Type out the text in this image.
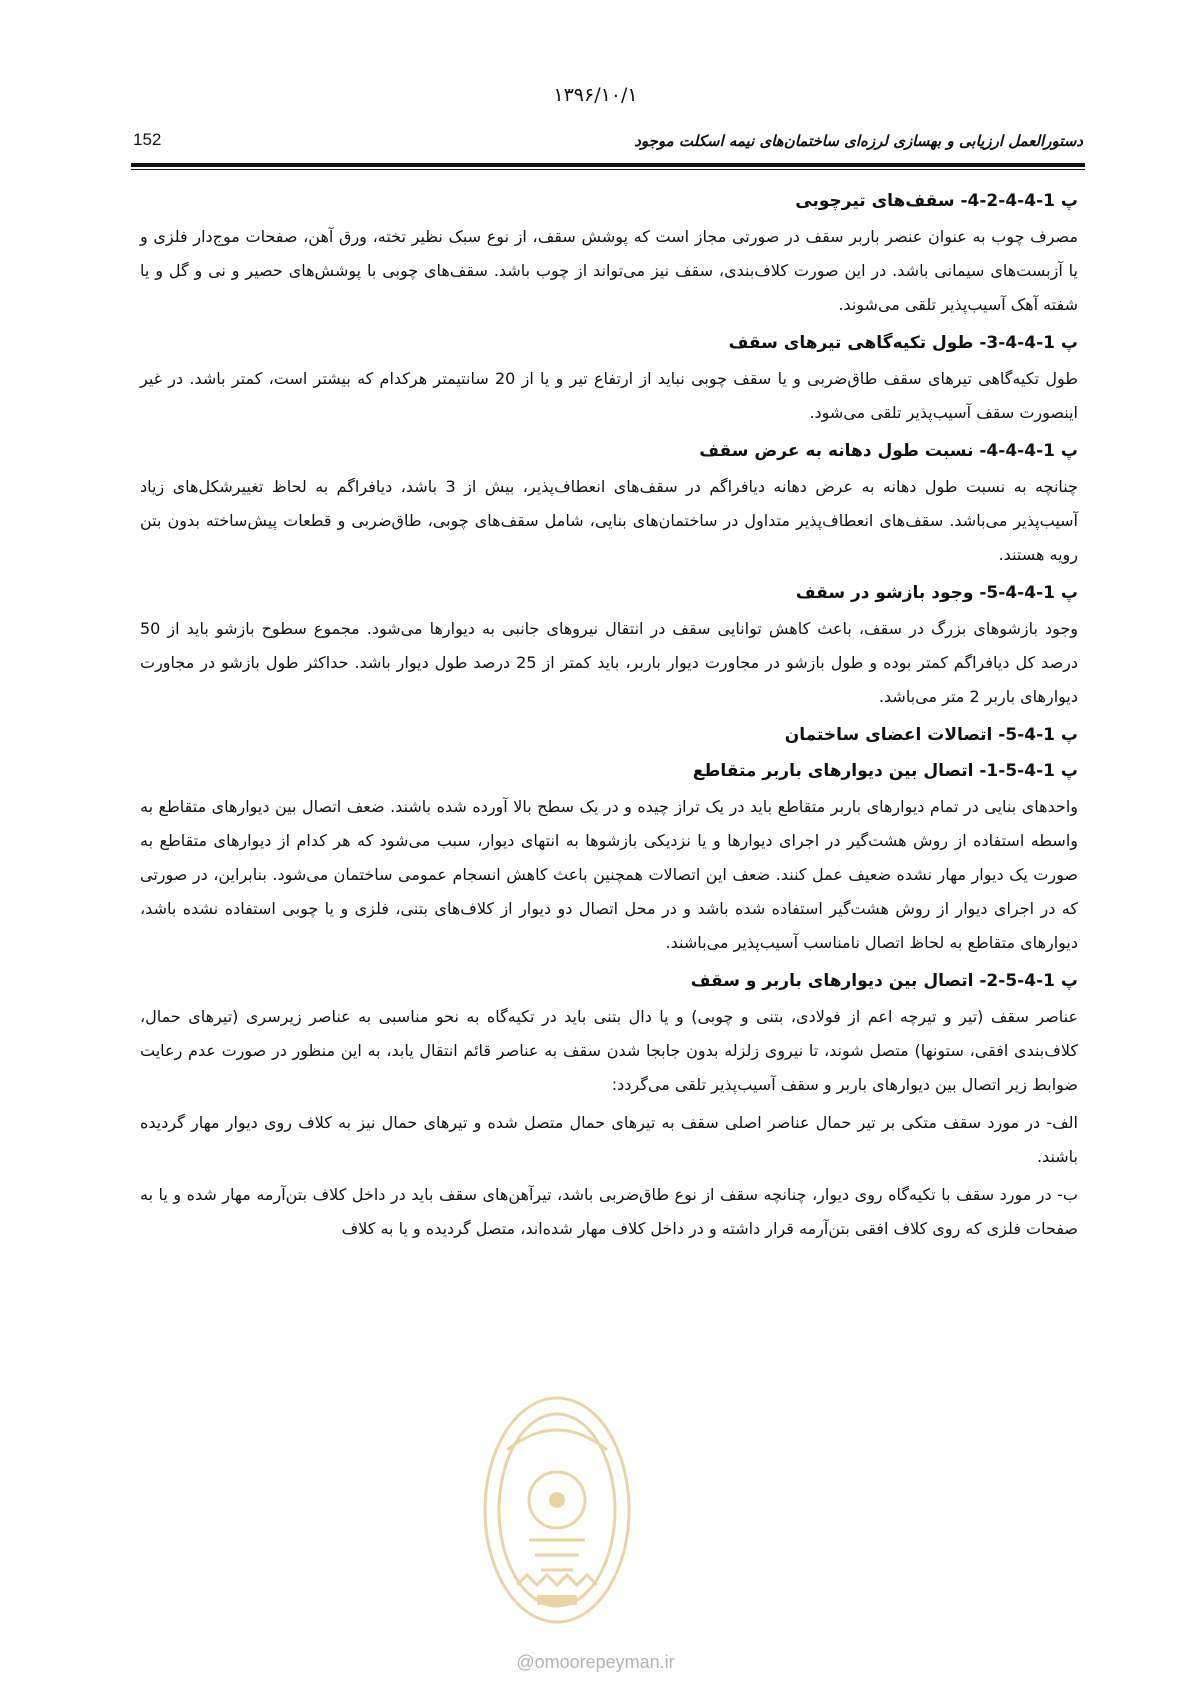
۱۳۹۶/۱۰/۱
152	دستورالعمل ارزیابی و بهسازی لرزه‌ای ساختمان‌های نیمه اسکلت موجود
پ 1-4-4-2-4- سقف‌های تیرچوبی

مصرف چوب به عنوان عنصر باربر سقف در صورتی مجاز است که پوشش سقف، از نوع سبک نظیر تخته، ورق آهن، صفحات موج‌دار فلزی و یا آزبست‌های سیمانی باشد. در این صورت کلاف‌بندی، سقف نیز می‌تواند از چوب باشد. سقف‌های چوبی با پوشش‌های حصیر و نی و گل و یا شفته آهک آسیب‌پذیر تلقی می‌شوند.

پ 1-4-4-3- طول تکیه‌گاهی تیرهای سقف

طول تکیه‌گاهی تیرهای سقف طاق‌ضربی و یا سقف چوبی نباید از ارتفاع تیر و یا از 20 سانتیمتر هرکدام که بیشتر است، کمتر باشد. در غیر اینصورت سقف آسیب‌پذیر تلقی می‌شود.

پ 1-4-4-4- نسبت طول دهانه به عرض سقف

چنانچه به نسبت طول دهانه به عرض دهانه دیافراگم در سقف‌های انعطاف‌پذیر، بیش از 3 باشد، دیافراگم به لحاظ تغییرشکل‌های زیاد آسیب‌پذیر می‌باشد. سقف‌های انعطاف‌پذیر متداول در ساختمان‌های بنایی، شامل سقف‌های چوبی، طاق‌ضربی و قطعات پیش‌ساخته بدون بتن رویه هستند.

پ 1-4-4-5- وجود بازشو در سقف

وجود بازشوهای بزرگ در سقف، باعث کاهش توانایی سقف در انتقال نیروهای جانبی به دیوارها می‌شود. مجموع سطوح بازشو باید از 50 درصد کل دیافراگم کمتر بوده و طول بازشو در مجاورت دیوار باربر، باید کمتر از 25 درصد طول دیوار باشد. حداکثر طول بازشو در مجاورت دیوارهای باربر 2 متر می‌باشد.

پ 1-4-5- اتصالات اعضای ساختمان
پ 1-4-5-1- اتصال بین دیوارهای باربر متقاطع

واحدهای بنایی در تمام دیوارهای باربر متقاطع باید در یک تراز چیده و در یک سطح بالا آورده شده باشند. ضعف اتصال بین دیوارهای متقاطع به واسطه استفاده از روش هشت‌گیر در اجرای دیوارها و یا نزدیکی بازشوها به انتهای دیوار، سبب می‌شود که هر کدام از دیوارهای متقاطع به صورت یک دیوار مهار نشده ضعیف عمل کنند. ضعف این اتصالات همچنین باعث کاهش انسجام عمومی ساختمان می‌شود. بنابراین، در صورتی که در اجرای دیوار از روش هشت‌گیر استفاده شده باشد و در محل اتصال دو دیوار از کلاف‌های بتنی، فلزی و یا چوبی استفاده نشده باشد، دیوارهای متقاطع به لحاظ اتصال نامناسب آسیب‌پذیر می‌باشند.

پ 1-4-5-2- اتصال بین دیوارهای باربر و سقف

عناصر سقف (تیر و تیرچه اعم از فولادی، بتنی و چوبی) و یا دال بتنی باید در تکیه‌گاه به نحو مناسبی به عناصر زیرسری (تیرهای حمال، کلاف‌بندی افقی، ستونها) متصل شوند، تا نیروی زلزله بدون جابجا شدن سقف به عناصر قائم انتقال یابد، به این منظور در صورت عدم رعایت ضوابط زیر اتصال بین دیوارهای باربر و سقف آسیب‌پذیر تلقی می‌گردد:

الف- در مورد سقف متکی بر تیر حمال عناصر اصلی سقف به تیرهای حمال متصل شده و تیرهای حمال نیز به کلاف روی دیوار مهار گردیده باشند.

ب- در مورد سقف با تکیه‌گاه روی دیوار، چنانچه سقف از نوع طاق‌ضربی باشد، تیرآهن‌های سقف باید در داخل کلاف بتن‌آرمه مهار شده و یا به صفحات فلزی که روی کلاف افقی بتن‌آرمه قرار داشته و در داخل کلاف مهار شده‌اند، متصل گردیده و یا به کلاف

@omoorepeyman.ir
